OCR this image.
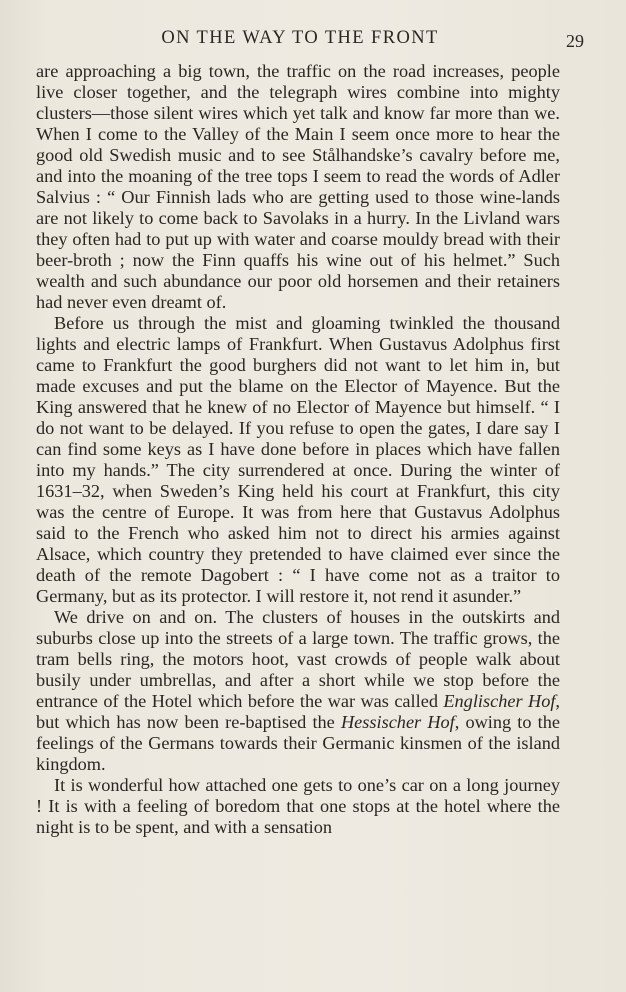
ON THE WAY TO THE FRONT	29

are approaching a big town, the traffic on the road increases, people live closer together, and the telegraph wires combine into mighty clusters—those silent wires which yet talk and know far more than we. When I come to the Valley of the Main I seem once more to hear the good old Swedish music and to see Stålhandske’s cavalry before me, and into the moaning of the tree tops I seem to read the words of Adler Salvius : “ Our Finnish lads who are getting used to those wine-lands are not likely to come back to Savolaks in a hurry. In the Livland wars they often had to put up with water and coarse mouldy bread with their beer-broth ; now the Finn quaffs his wine out of his helmet.” Such wealth and such abundance our poor old horsemen and their retainers had never even dreamt of.

Before us through the mist and gloaming twinkled the thousand lights and electric lamps of Frankfurt. When Gustavus Adolphus first came to Frankfurt the good burghers did not want to let him in, but made excuses and put the blame on the Elector of Mayence. But the King answered that he knew of no Elector of Mayence but himself. “ I do not want to be delayed. If you refuse to open the gates, I dare say I can find some keys as I have done before in places which have fallen into my hands.” The city surrendered at once. During the winter of 1631–32, when Sweden’s King held his court at Frankfurt, this city was the centre of Europe. It was from here that Gustavus Adolphus said to the French who asked him not to direct his armies against Alsace, which country they pretended to have claimed ever since the death of the remote Dagobert : “ I have come not as a traitor to Germany, but as its protector. I will restore it, not rend it asunder.”

We drive on and on. The clusters of houses in the outskirts and suburbs close up into the streets of a large town. The traffic grows, the tram bells ring, the motors hoot, vast crowds of people walk about busily under umbrellas, and after a short while we stop before the entrance of the Hotel which before the war was called Englischer Hof, but which has now been re-baptised the Hessischer Hof, owing to the feelings of the Germans towards their Germanic kinsmen of the island kingdom.

It is wonderful how attached one gets to one’s car on a long journey ! It is with a feeling of boredom that one stops at the hotel where the night is to be spent, and with a sensation
